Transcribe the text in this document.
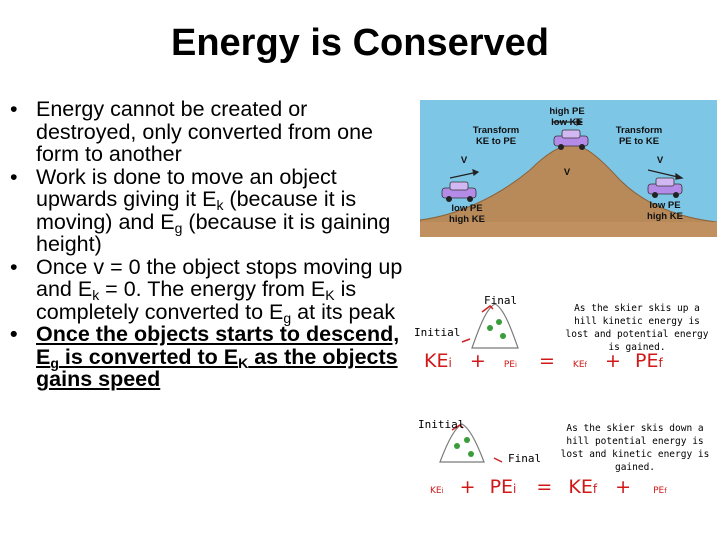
Energy is Conserved
• Energy cannot be created or destroyed, only converted from one form to another
• Work is done to move an object upwards giving it $E_k$ (because it is moving) and $E_g$ (because it is gaining height)
• Once v = 0 the object stops moving up and $E_k = 0$. The energy from $E_K$ is completely converted to $E_g$ at its peak
• Once the objects starts to descend, $E_g$ is converted to $E_K$ as the objects gains speed
high PE
low KE
Transform
KE to PE
Transform
PE to KE
V
V
V
low PE
high KE
low PE
high KE
Final
Initial
As the skier skis up a hill kinetic energy is lost and potential energy is gained.
KEi + PEi = KEf + PEf
Initial
Final
As the skier skis down a hill potential energy is lost and kinetic energy is gained.
KEi + PEi = KEf + PEf
